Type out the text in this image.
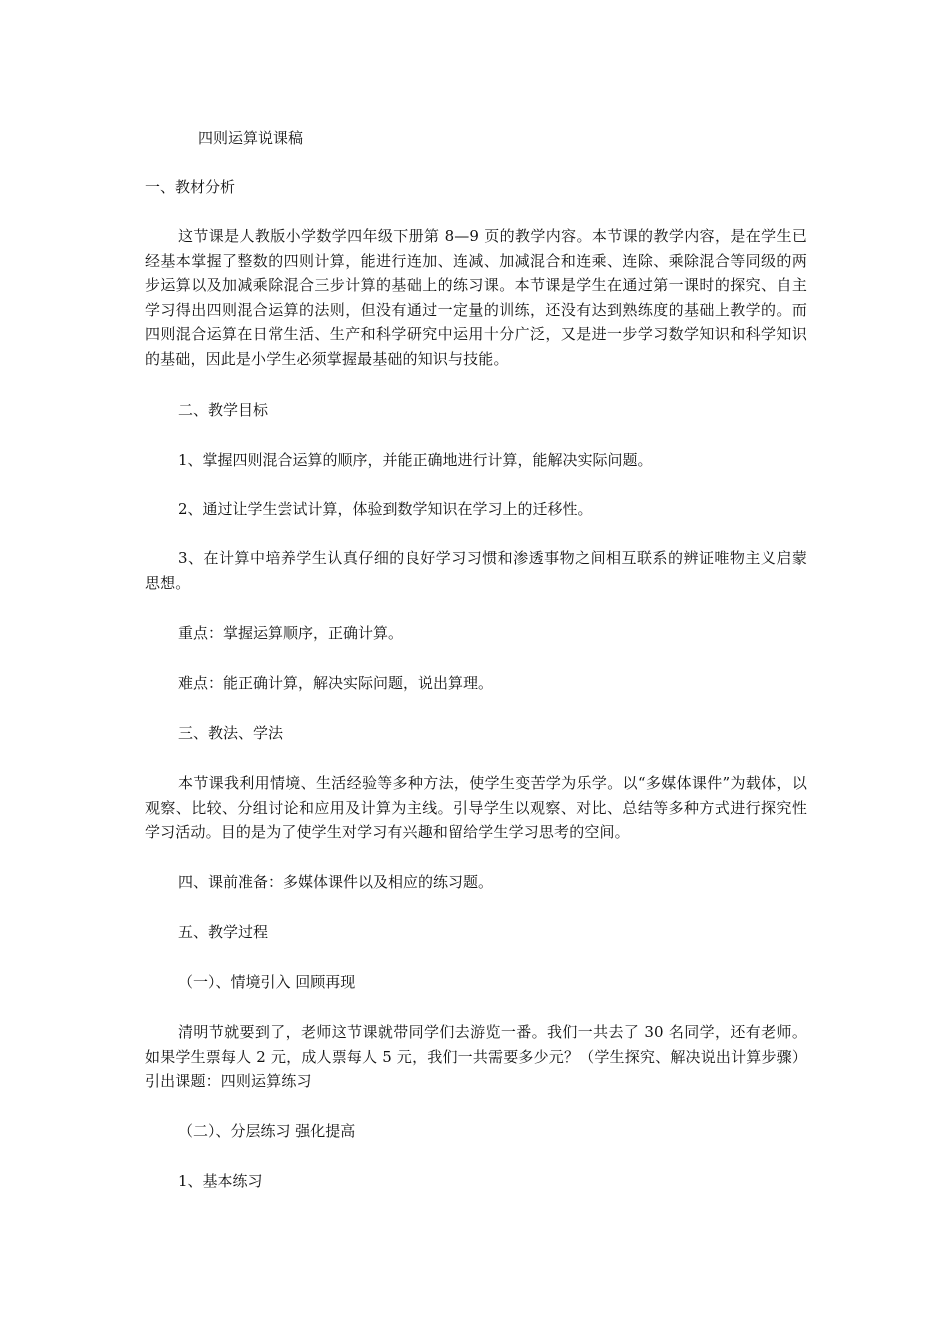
四则运算说课稿

一、教材分析

这节课是人教版小学数学四年级下册第 8—9 页的教学内容。本节课的教学内容，是在学生已经基本掌握了整数的四则计算，能进行连加、连减、加减混合和连乘、连除、乘除混合等同级的两步运算以及加减乘除混合三步计算的基础上的练习课。本节课是学生在通过第一课时的探究、自主学习得出四则混合运算的法则，但没有通过一定量的训练，还没有达到熟练度的基础上教学的。而四则混合运算在日常生活、生产和科学研究中运用十分广泛，又是进一步学习数学知识和科学知识的基础，因此是小学生必须掌握最基础的知识与技能。

二、教学目标

1、掌握四则混合运算的顺序，并能正确地进行计算，能解决实际问题。

2、通过让学生尝试计算，体验到数学知识在学习上的迁移性。

3、在计算中培养学生认真仔细的良好学习习惯和渗透事物之间相互联系的辨证唯物主义启蒙思想。

重点：掌握运算顺序，正确计算。

难点：能正确计算，解决实际问题，说出算理。

三、教法、学法

本节课我利用情境、生活经验等多种方法，使学生变苦学为乐学。以“多媒体课件”为载体，以观察、比较、分组讨论和应用及计算为主线。引导学生以观察、对比、总结等多种方式进行探究性学习活动。目的是为了使学生对学习有兴趣和留给学生学习思考的空间。

四、课前准备：多媒体课件以及相应的练习题。

五、教学过程

（一）、情境引入 回顾再现

清明节就要到了，老师这节课就带同学们去游览一番。我们一共去了 30 名同学，还有老师。如果学生票每人 2 元，成人票每人 5 元，我们一共需要多少元？（学生探究、解决说出计算步骤）引出课题：四则运算练习

（二）、分层练习 强化提高

1、基本练习
